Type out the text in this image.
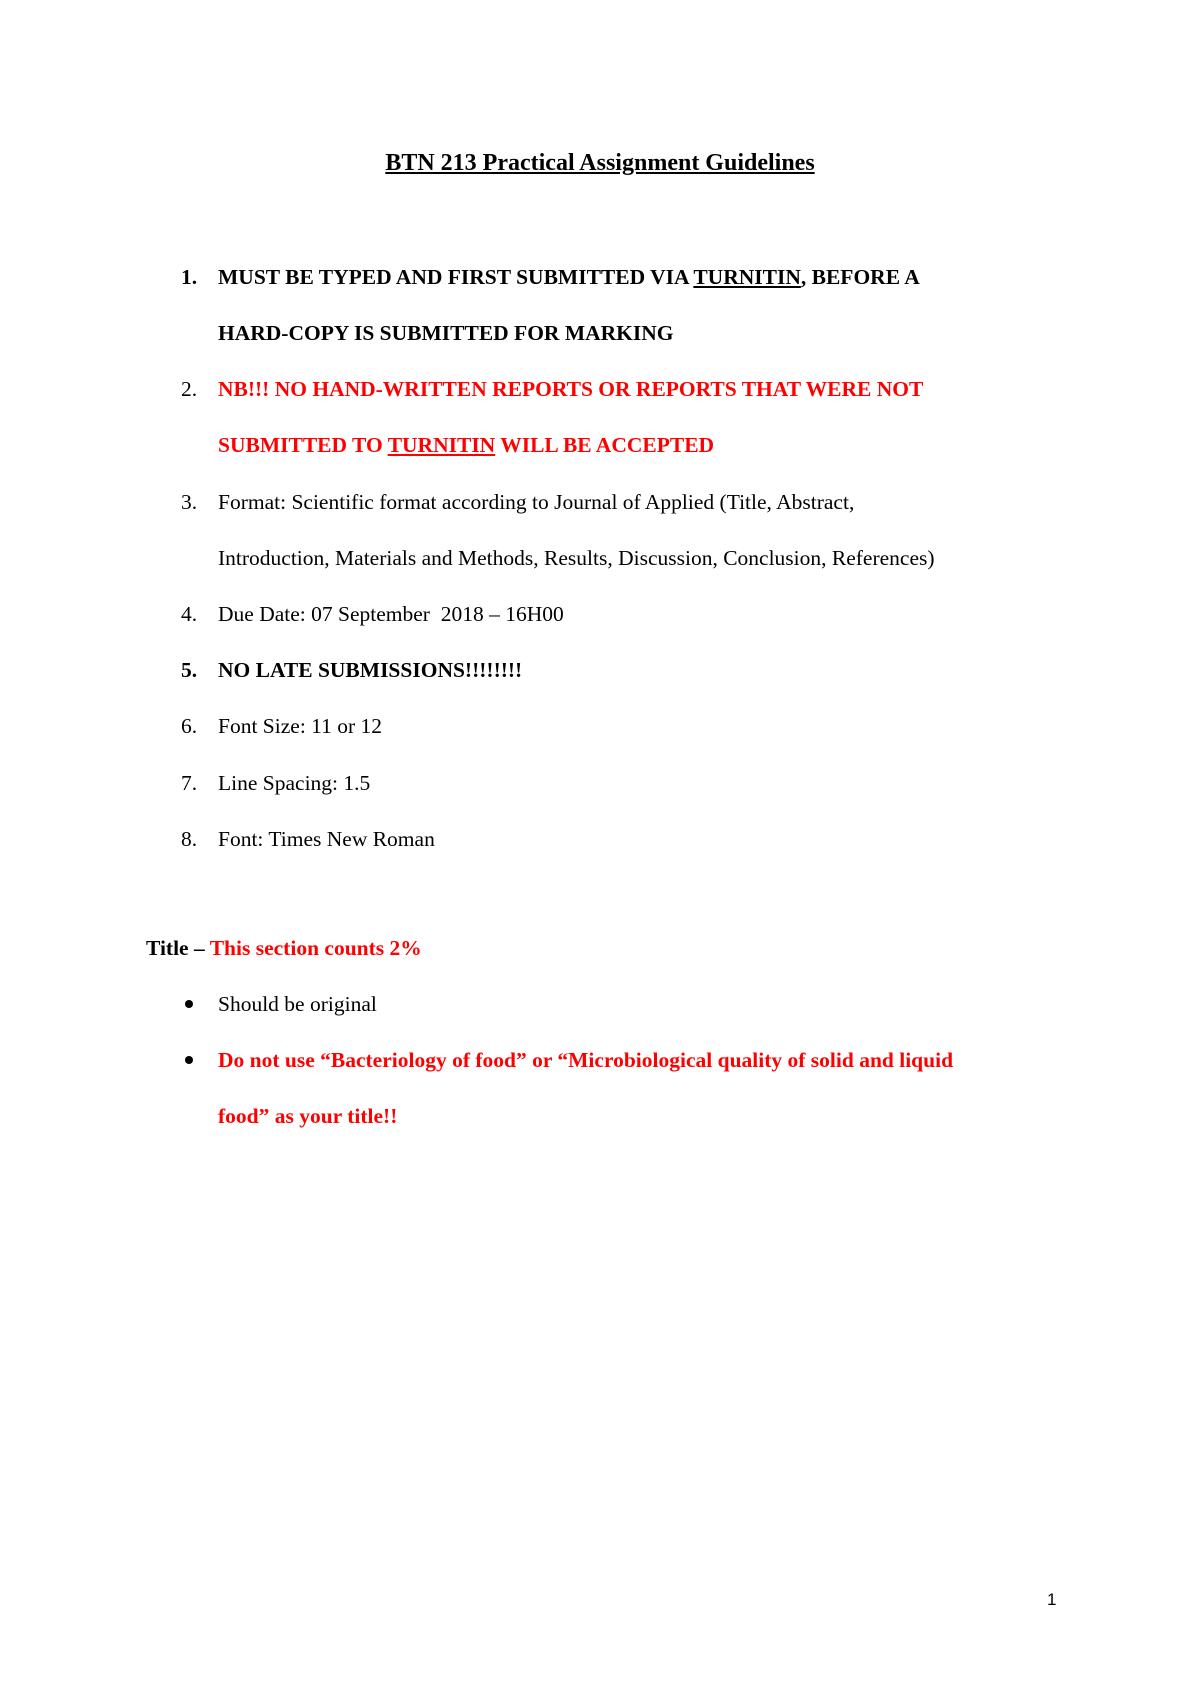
BTN 213 Practical Assignment Guidelines
1. MUST BE TYPED AND FIRST SUBMITTED VIA TURNITIN, BEFORE A
HARD-COPY IS SUBMITTED FOR MARKING
2. NB!!! NO HAND-WRITTEN REPORTS OR REPORTS THAT WERE NOT
SUBMITTED TO TURNITIN WILL BE ACCEPTED
3. Format: Scientific format according to Journal of Applied (Title, Abstract,
Introduction, Materials and Methods, Results, Discussion, Conclusion, References)
4. Due Date: 07 September  2018 – 16H00
5. NO LATE SUBMISSIONS!!!!!!!!
6. Font Size: 11 or 12
7. Line Spacing: 1.5
8. Font: Times New Roman
Title – This section counts 2%
Should be original
Do not use “Bacteriology of food” or “Microbiological quality of solid and liquid
food” as your title!!
1
